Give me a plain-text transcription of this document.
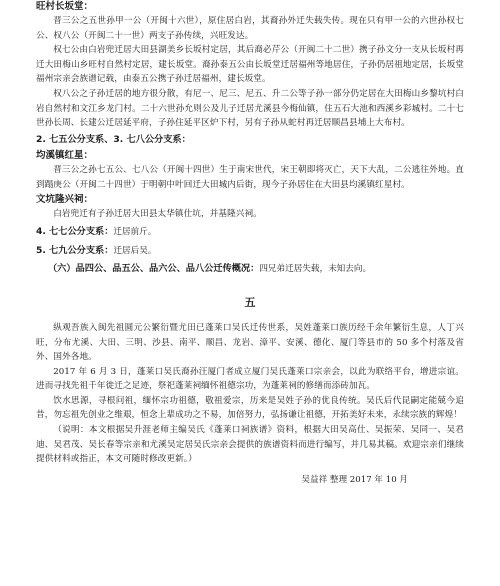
旺村长坂堂：

晋三公之五世孙甲一公（开闽十六世），原住居白岩，其裔孙外迁失载失传。现在只有甲一公的六世孙权七公、权八公（开闽二十一世）两支子孙传续，兴旺发达。

权七公由白岩兜迁居大田县湖美乡长坂村定居，其后裔必芹公（开闽二十二世）携子孙文分一支从长坂村再迁大田梅山乡旺村自然村定居，建长坂堂。裔孙泰五公由长坂堂迁居福州等地居住，子孙仍居祖地定居，长坂堂福州宗亲会族谱记载，由泰五公携子孙迁居福州，建长坂堂。

权八公之子孙迁居的地方很分散，有尼一、尼三、尼五、升二公等子孙一部分仍定居在大田梅山乡黎坑村白岩自然村和文江乡龙门村。二十六世孙允则公及儿子迁居尤溪县今梅仙镇，住五石大池和西溪乡彩城村。二十七世孙长周、长建公迁居延平府，子孙住延平区炉下村，另有子孙从蛇村再迁居顺昌县埔上大布村。

2. 七五公分支系、3. 七八公分支系：

均溪镇红星：

晋三公之孙七五公、七八公（开闽十四世）生于南宋世代，宋王朝即将灭亡，天下大乱，二公逃往外地。直到蹋庚公（开闽二十四世）于明朝中叶回迁大田城内后街，现今子孙居住在大田县均溪镇红星村。

文坑隆兴祠：

白岩兜迁有子孙迁居大田县太华镇仕坑，并基隆兴祠。

4. 七七公分支系：迁居前斤。

5. 七九公分支系：迁居后吴。

（六）品四公、品五公、品六公、品八公迁传概况：四兄弟迁居失载，未知去向。

五

纵观吾族入闽先祖圆元公繁衍暨尤田已蓬莱口吴氏迁传世系，吴姓蓬莱口族历经千余年繁衍生息，人丁兴旺，分布尤溪、大田、三明、沙县、南平、顺昌、龙岩、漳平、安溪、德化、厦门等县市的 50 多个村落及省外、国外各地。

2017 年 6 月 3 日，蓬莱口吴氏裔孙汪厦门者成立厦门吴氏蓬莱口宗亲会，以此为联络平台，增进宗谊。进而寻找先祖千年徙迁之足迹，祭祀蓬莱祠缅怀祖德宗功，为蓬莱祠的修缮而添砖加瓦。

饮水思源，寻根问祖，缅怀宗功祖德，敬祖爱宗，历来是吴姓子孙的优良传统。吴氏后代昆嗣定能兢今追昔，勿忘祖先创业之维艰，恒念上辈成功之不易，加倍努力，弘扬谦让祖德，开拓美好未来，永续宗族的辉煌！

（说明：本文根据吴升涯老师主编吴氏《蓬莱口祠族谱》资料，根据大田吴高仕、吴振荣、吴同一、吴君迪、吴君茂、吴长春等宗亲和尤溪吴定居吴氏宗亲会提供的族谱资料而进行编写，并几易其稿。欢迎宗亲们继续提供材料或指正，本文可随时修改更新。）

吴益祥 整理 2017 年 10 月
